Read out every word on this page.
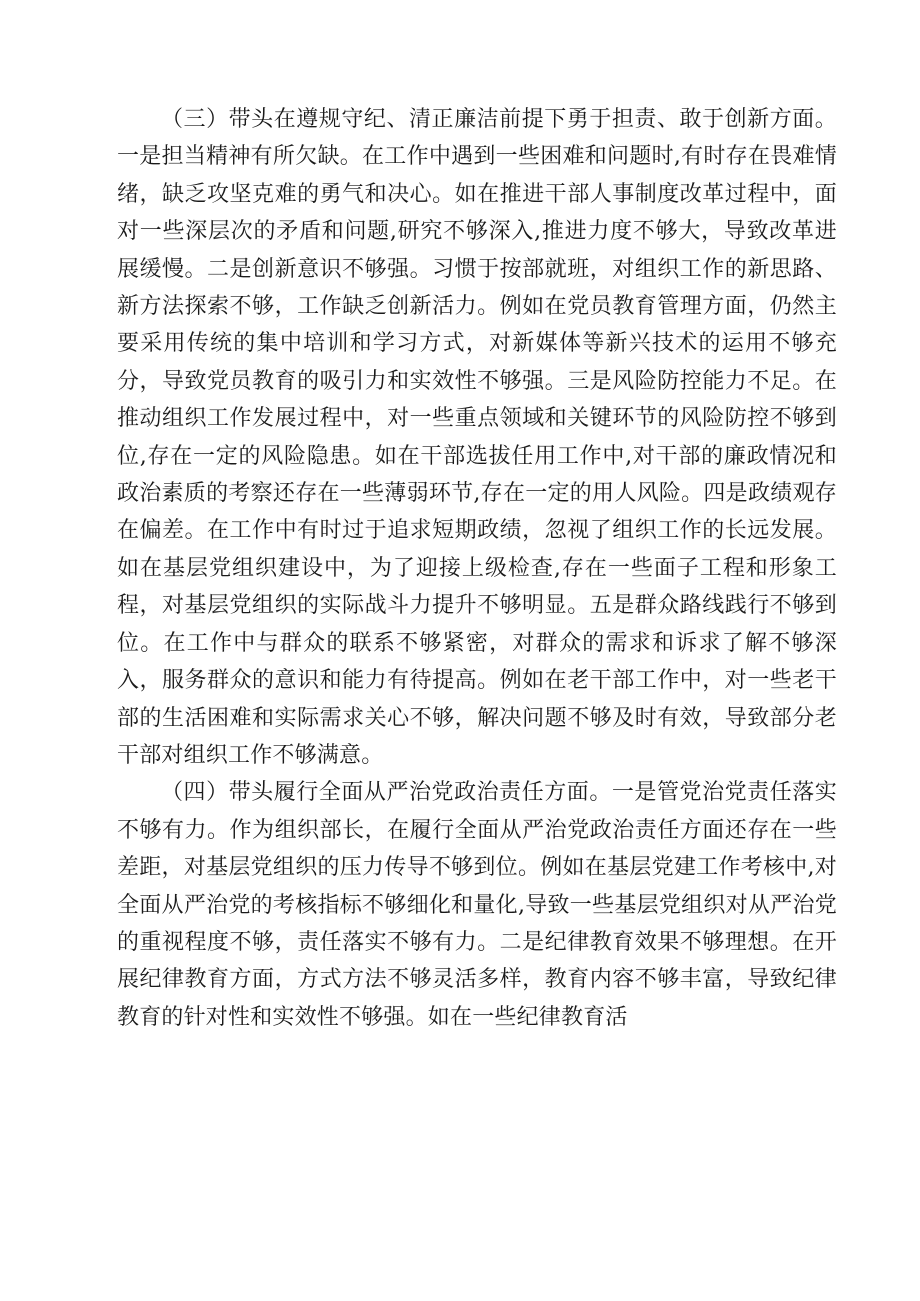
（三）带头在遵规守纪、清正廉洁前提下勇于担责、敢于创新方面。一是担当精神有所欠缺。在工作中遇到一些困难和问题时,有时存在畏难情绪，缺乏攻坚克难的勇气和决心。如在推进干部人事制度改革过程中，面对一些深层次的矛盾和问题,研究不够深入,推进力度不够大，导致改革进展缓慢。二是创新意识不够强。习惯于按部就班，对组织工作的新思路、新方法探索不够，工作缺乏创新活力。例如在党员教育管理方面，仍然主要采用传统的集中培训和学习方式，对新媒体等新兴技术的运用不够充分，导致党员教育的吸引力和实效性不够强。三是风险防控能力不足。在推动组织工作发展过程中，对一些重点领域和关键环节的风险防控不够到位,存在一定的风险隐患。如在干部选拔任用工作中,对干部的廉政情况和政治素质的考察还存在一些薄弱环节,存在一定的用人风险。四是政绩观存在偏差。在工作中有时过于追求短期政绩，忽视了组织工作的长远发展。如在基层党组织建设中，为了迎接上级检查,存在一些面子工程和形象工程，对基层党组织的实际战斗力提升不够明显。五是群众路线践行不够到位。在工作中与群众的联系不够紧密，对群众的需求和诉求了解不够深入，服务群众的意识和能力有待提高。例如在老干部工作中，对一些老干部的生活困难和实际需求关心不够，解决问题不够及时有效，导致部分老干部对组织工作不够满意。

（四）带头履行全面从严治党政治责任方面。一是管党治党责任落实不够有力。作为组织部长，在履行全面从严治党政治责任方面还存在一些差距，对基层党组织的压力传导不够到位。例如在基层党建工作考核中,对全面从严治党的考核指标不够细化和量化,导致一些基层党组织对从严治党的重视程度不够，责任落实不够有力。二是纪律教育效果不够理想。在开展纪律教育方面，方式方法不够灵活多样，教育内容不够丰富，导致纪律教育的针对性和实效性不够强。如在一些纪律教育活
